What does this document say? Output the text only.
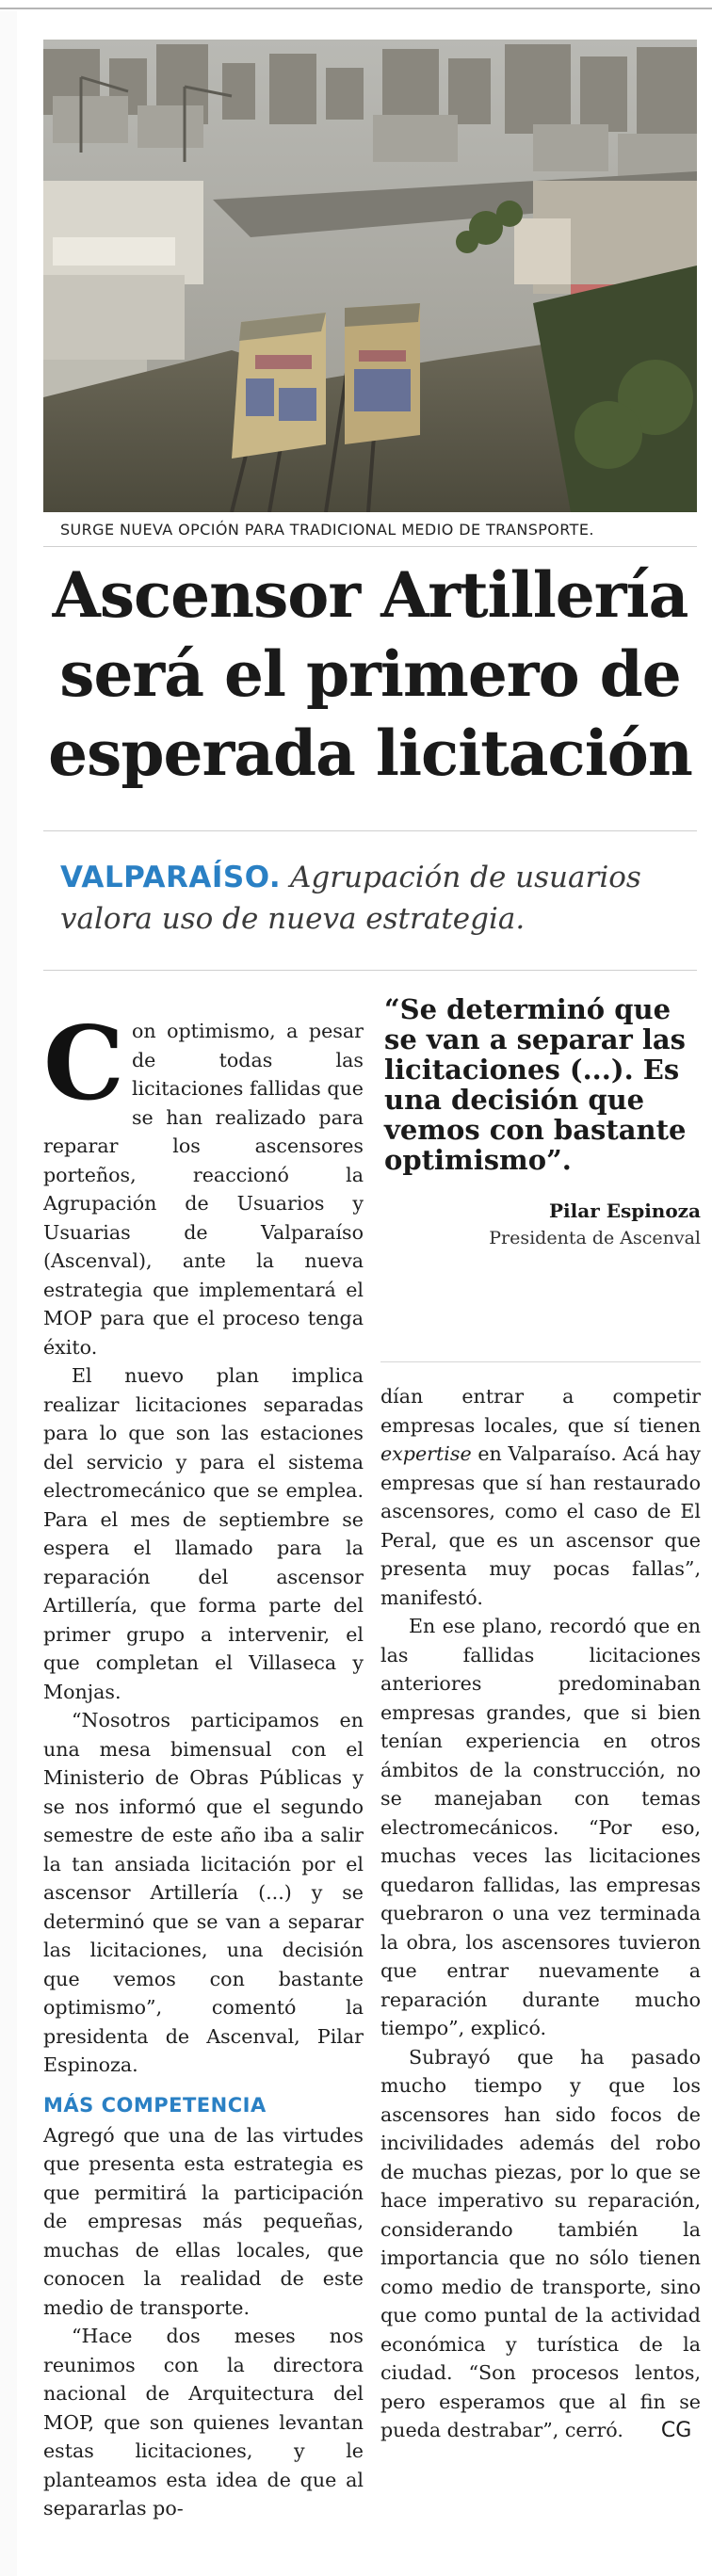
SURGE NUEVA OPCIÓN PARA TRADICIONAL MEDIO DE TRANSPORTE.
Ascensor Artillería
será el primero de
esperada licitación
VALPARAÍSO. Agrupación de usuarios valora uso de nueva estrategia.

Con optimismo, a pesar de todas las licitaciones fallidas que se han realizado para reparar los ascensores porteños, reaccionó la Agrupación de Usuarios y Usuarias de Valparaíso (Ascenval), ante la nueva estrategia que implementará el MOP para que el proceso tenga éxito.

El nuevo plan implica realizar licitaciones separadas para lo que son las estaciones del servicio y para el sistema electromecánico que se emplea. Para el mes de septiembre se espera el llamado para la reparación del ascensor Artillería, que forma parte del primer grupo a intervenir, el que completan el Villaseca y Monjas.

“Nosotros participamos en una mesa bimensual con el Ministerio de Obras Públicas y se nos informó que el segundo semestre de este año iba a salir la tan ansiada licitación por el ascensor Artillería (...) y se determinó que se van a separar las licitaciones, una decisión que vemos con bastante optimismo”, comentó la presidenta de Ascenval, Pilar Espinoza.

MÁS COMPETENCIA

Agregó que una de las virtudes que presenta esta estrategia es que permitirá la participación de empresas más pequeñas, muchas de ellas locales, que conocen la realidad de este medio de transporte.

“Hace dos meses nos reunimos con la directora nacional de Arquitectura del MOP, que son quienes levantan estas licitaciones, y le planteamos esta idea de que al separarlas po-

“Se determinó que se van a separar las licitaciones (...). Es una decisión que vemos con bastante optimismo”.

Pilar Espinoza
Presidenta de Ascenval

dían entrar a competir empresas locales, que sí tienen expertise en Valparaíso. Acá hay empresas que sí han restaurado ascensores, como el caso de El Peral, que es un ascensor que presenta muy pocas fallas”, manifestó.

En ese plano, recordó que en las fallidas licitaciones anteriores predominaban empresas grandes, que si bien tenían experiencia en otros ámbitos de la construcción, no se manejaban con temas electromecánicos. “Por eso, muchas veces las licitaciones quedaron fallidas, las empresas quebraron o una vez terminada la obra, los ascensores tuvieron que entrar nuevamente a reparación durante mucho tiempo”, explicó.

Subrayó que ha pasado mucho tiempo y que los ascensores han sido focos de incivilidades además del robo de muchas piezas, por lo que se hace imperativo su reparación, considerando también la importancia que no sólo tienen como medio de transporte, sino que como puntal de la actividad económica y turística de la ciudad. “Son procesos lentos, pero esperamos que al fin se pueda destrabar”, cerró. CG
